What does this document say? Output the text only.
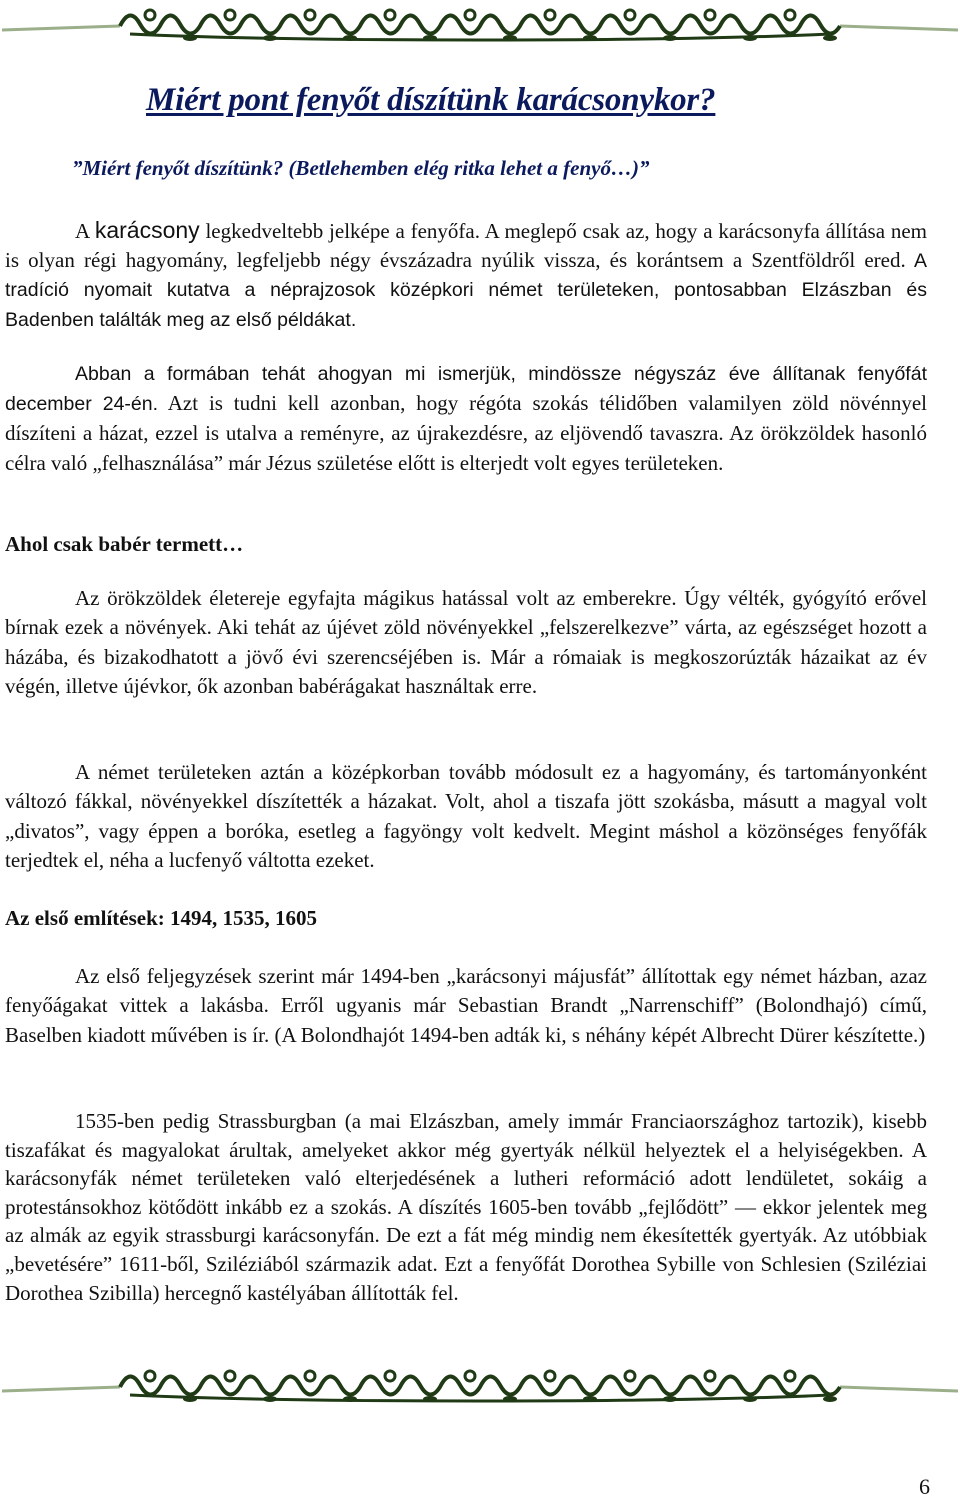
Miért pont fenyőt díszítünk karácsonykor?

”Miért fenyőt díszítünk? (Betlehemben elég ritka lehet a fenyő…)”

A karácsony legkedveltebb jelképe a fenyőfa. A meglepő csak az, hogy a karácsonyfa állítása nem is olyan régi hagyomány, legfeljebb négy évszázadra nyúlik vissza, és korántsem a Szentföldről ered. A tradíció nyomait kutatva a néprajzosok középkori német területeken, pontosabban Elzászban és Badenben találták meg az első példákat.

Abban a formában tehát ahogyan mi ismerjük, mindössze négyszáz éve állítanak fenyőfát december 24-én. Azt is tudni kell azonban, hogy régóta szokás télidőben valamilyen zöld növénnyel díszíteni a házat, ezzel is utalva a reményre, az újrakezdésre, az eljövendő tavaszra. Az örökzöldek hasonló célra való „felhasználása” már Jézus születése előtt is elterjedt volt egyes területeken.

Ahol csak babér termett…

Az örökzöldek életereje egyfajta mágikus hatással volt az emberekre. Úgy vélték, gyógyító erővel bírnak ezek a növények. Aki tehát az újévet zöld növényekkel „felszerelkezve” várta, az egészséget hozott a házába, és bizakodhatott a jövő évi szerencséjében is. Már a rómaiak is megkoszorúzták házaikat az év végén, illetve újévkor, ők azonban babérágakat használtak erre.

A német területeken aztán a középkorban tovább módosult ez a hagyomány, és tartományonként változó fákkal, növényekkel díszítették a házakat. Volt, ahol a tiszafa jött szokásba, másutt a magyal volt „divatos”, vagy éppen a boróka, esetleg a fagyöngy volt kedvelt. Megint máshol a közönséges fenyőfák terjedtek el, néha a lucfenyő váltotta ezeket.

Az első említések: 1494, 1535, 1605

Az első feljegyzések szerint már 1494-ben „karácsonyi májusfát” állítottak egy német házban, azaz fenyőágakat vittek a lakásba. Erről ugyanis már Sebastian Brandt „Narrenschiff” (Bolondhajó) című, Baselben kiadott művében is ír. (A Bolondhajót 1494-ben adták ki, s néhány képét Albrecht Dürer készítette.)

1535-ben pedig Strassburgban (a mai Elzászban, amely immár Franciaországhoz tartozik), kisebb tiszafákat és magyalokat árultak, amelyeket akkor még gyertyák nélkül helyeztek el a helyiségekben. A karácsonyfák német területeken való elterjedésének a lutheri reformáció adott lendületet, sokáig a protestánsokhoz kötődött inkább ez a szokás. A díszítés 1605-ben tovább „fejlődött” — ekkor jelentek meg az almák az egyik strassburgi karácsonyfán. De ezt a fát még mindig nem ékesítették gyertyák. Az utóbbiak „bevetésére” 1611-ből, Sziléziából származik adat. Ezt a fenyőfát Dorothea Sybille von Schlesien (Sziléziai Dorothea Szibilla) hercegnő kastélyában állították fel.

6
